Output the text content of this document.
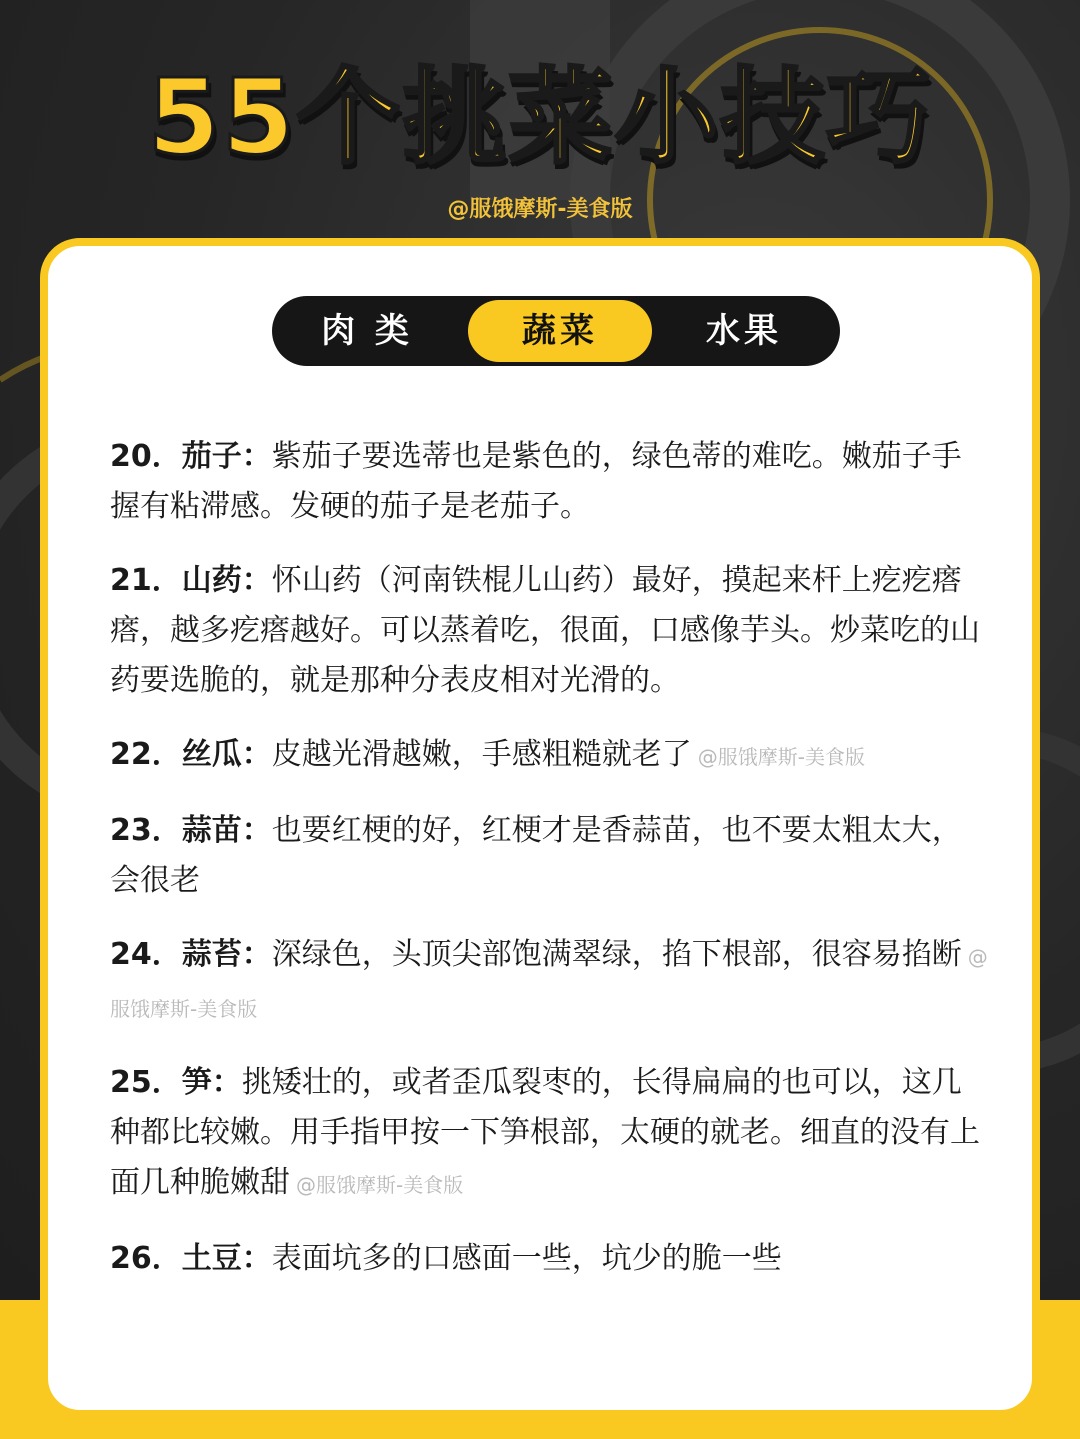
55个挑菜小技巧
@服饿摩斯-美食版
肉 类	蔬菜	水果

20．茄子：紫茄子要选蒂也是紫色的，绿色蒂的难吃。嫩茄子手握有粘滞感。发硬的茄子是老茄子。

21．山药：怀山药（河南铁棍儿山药）最好，摸起来杆上疙疙瘩瘩，越多疙瘩越好。可以蒸着吃，很面，口感像芋头。炒菜吃的山药要选脆的，就是那种分表皮相对光滑的。

22．丝瓜：皮越光滑越嫩，手感粗糙就老了 @服饿摩斯-美食版

23．蒜苗：也要红梗的好，红梗才是香蒜苗，也不要太粗太大，会很老

24．蒜苔：深绿色，头顶尖部饱满翠绿，掐下根部，很容易掐断 @服饿摩斯-美食版

25．笋：挑矮壮的，或者歪瓜裂枣的，长得扁扁的也可以，这几种都比较嫩。用手指甲按一下笋根部，太硬的就老。细直的没有上面几种脆嫩甜 @服饿摩斯-美食版

26．土豆：表面坑多的口感面一些，坑少的脆一些
